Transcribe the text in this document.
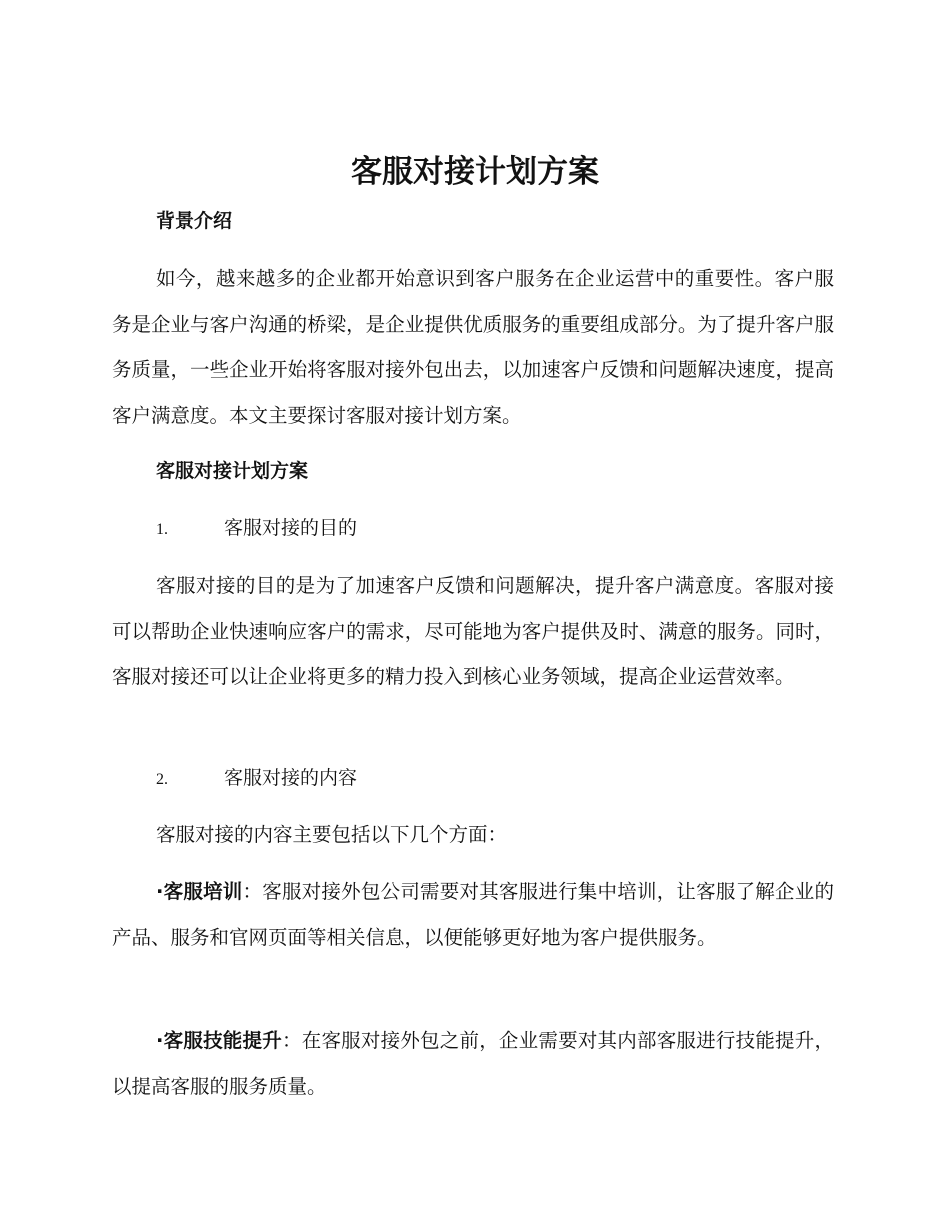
客服对接计划方案
背景介绍

如今，越来越多的企业都开始意识到客户服务在企业运营中的重要性。客户服务是企业与客户沟通的桥梁，是企业提供优质服务的重要组成部分。为了提升客户服务质量，一些企业开始将客服对接外包出去，以加速客户反馈和问题解决速度，提高客户满意度。本文主要探讨客服对接计划方案。

客服对接计划方案
1.	客服对接的目的

客服对接的目的是为了加速客户反馈和问题解决，提升客户满意度。客服对接可以帮助企业快速响应客户的需求，尽可能地为客户提供及时、满意的服务。同时，客服对接还可以让企业将更多的精力投入到核心业务领域，提高企业运营效率。

2.	客服对接的内容

客服对接的内容主要包括以下几个方面：

·客服培训：客服对接外包公司需要对其客服进行集中培训，让客服了解企业的产品、服务和官网页面等相关信息，以便能够更好地为客户提供服务。

·客服技能提升：在客服对接外包之前，企业需要对其内部客服进行技能提升，以提高客服的服务质量。
